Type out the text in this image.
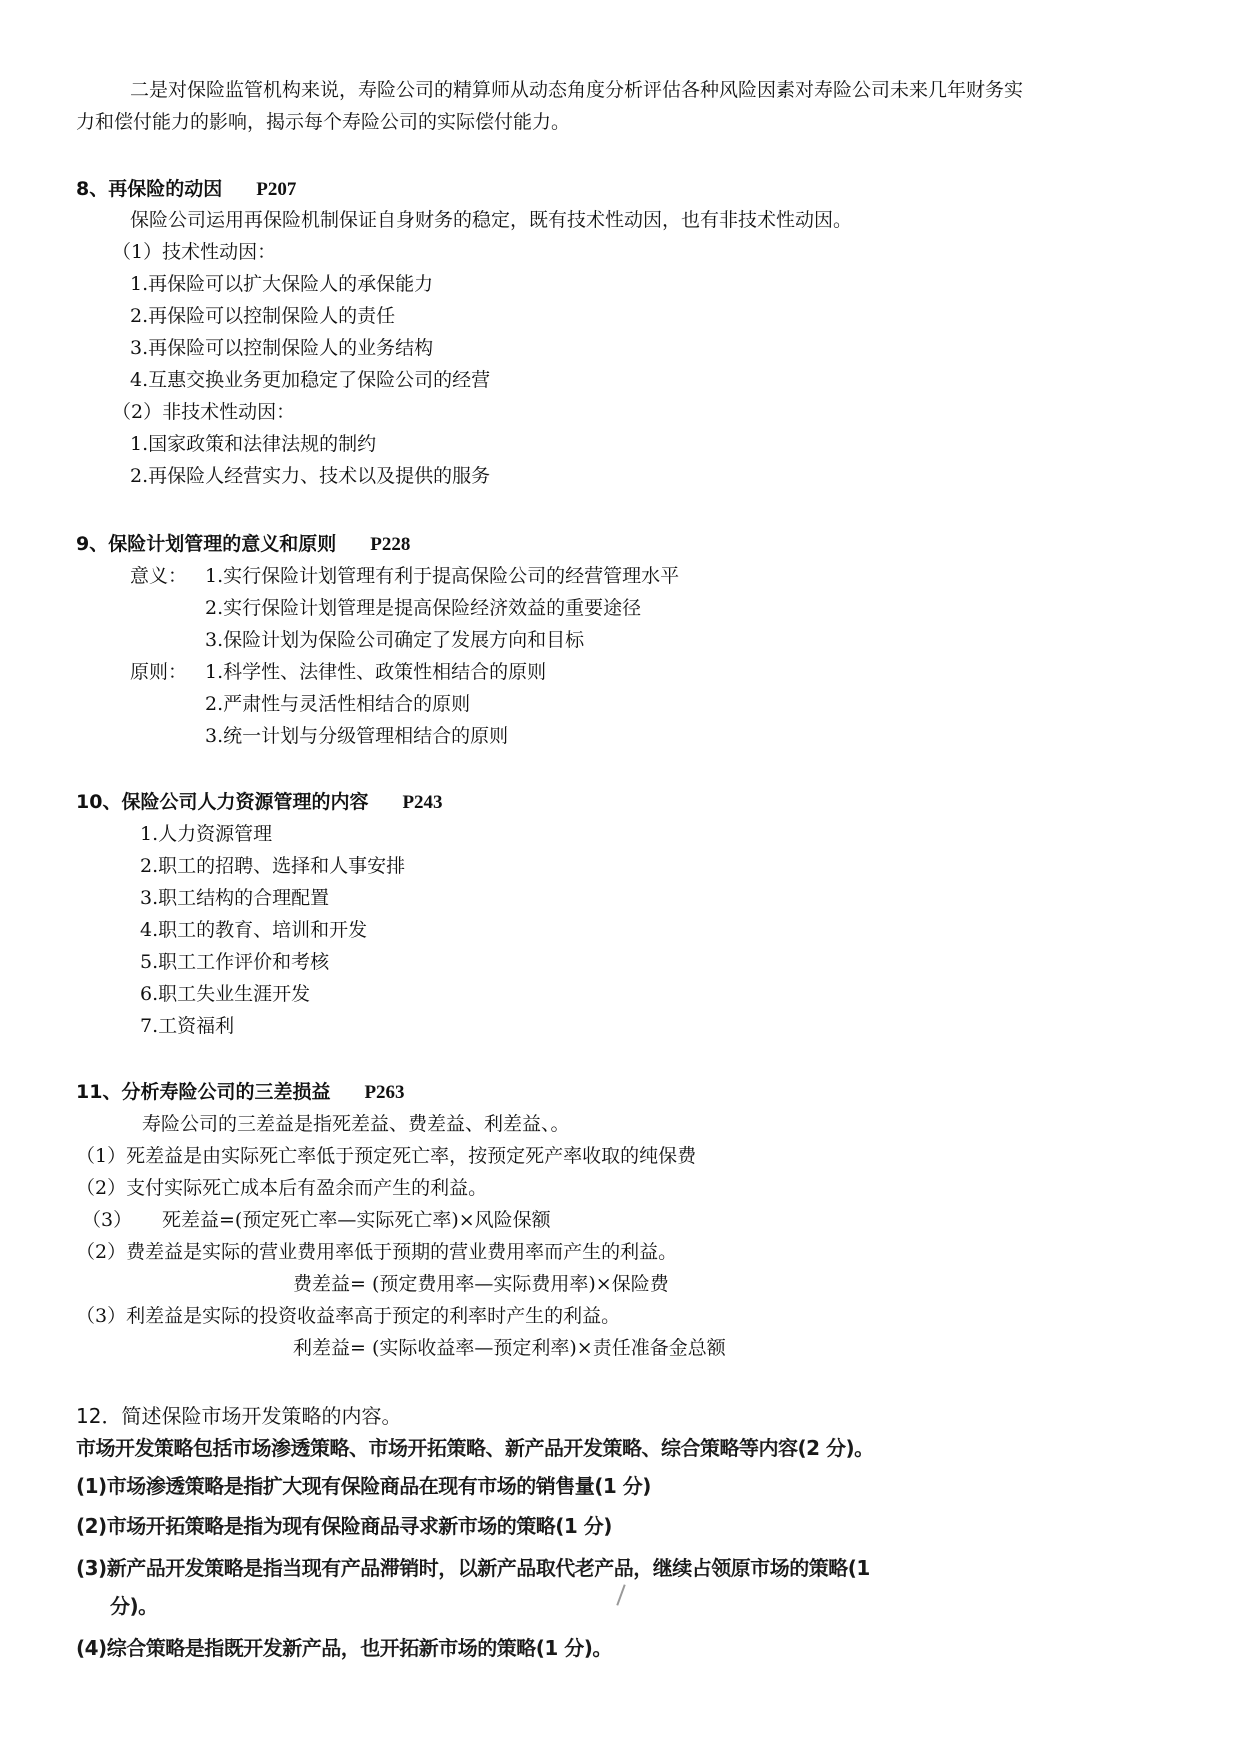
二是对保险监管机构来说，寿险公司的精算师从动态角度分析评估各种风险因素对寿险公司未来几年财务实
力和偿付能力的影响，揭示每个寿险公司的实际偿付能力。
8、再保险的动因 P207
保险公司运用再保险机制保证自身财务的稳定，既有技术性动因，也有非技术性动因。
（1）技术性动因：
1.再保险可以扩大保险人的承保能力
2.再保险可以控制保险人的责任
3.再保险可以控制保险人的业务结构
4.互惠交换业务更加稳定了保险公司的经营
（2）非技术性动因：
1.国家政策和法律法规的制约
2.再保险人经营实力、技术以及提供的服务
9、保险计划管理的意义和原则 P228
意义： 1.实行保险计划管理有利于提高保险公司的经营管理水平
2.实行保险计划管理是提高保险经济效益的重要途径
3.保险计划为保险公司确定了发展方向和目标
原则： 1.科学性、法律性、政策性相结合的原则
2.严肃性与灵活性相结合的原则
3.统一计划与分级管理相结合的原则
10、保险公司人力资源管理的内容 P243
1.人力资源管理
2.职工的招聘、选择和人事安排
3.职工结构的合理配置
4.职工的教育、培训和开发
5.职工工作评价和考核
6.职工失业生涯开发
7.工资福利
11、分析寿险公司的三差损益 P263
寿险公司的三差益是指死差益、费差益、利差益、。
（1）死差益是由实际死亡率低于预定死亡率，按预定死产率收取的纯保费
（2）支付实际死亡成本后有盈余而产生的利益。
（3） 死差益=(预定死亡率—实际死亡率)×风险保额
（2）费差益是实际的营业费用率低于预期的营业费用率而产生的利益。
费差益= (预定费用率—实际费用率)×保险费
（3）利差益是实际的投资收益率高于预定的利率时产生的利益。
利差益= (实际收益率—预定利率)×责任准备金总额
12．简述保险市场开发策略的内容。
市场开发策略包括市场渗透策略、市场开拓策略、新产品开发策略、综合策略等内容(2 分)。
(1)市场渗透策略是指扩大现有保险商品在现有市场的销售量(1 分)
(2)市场开拓策略是指为现有保险商品寻求新市场的策略(1 分)
(3)新产品开发策略是指当现有产品滞销时，以新产品取代老产品，继续占领原市场的策略(1
分)。
(4)综合策略是指既开发新产品，也开拓新市场的策略(1 分)。
